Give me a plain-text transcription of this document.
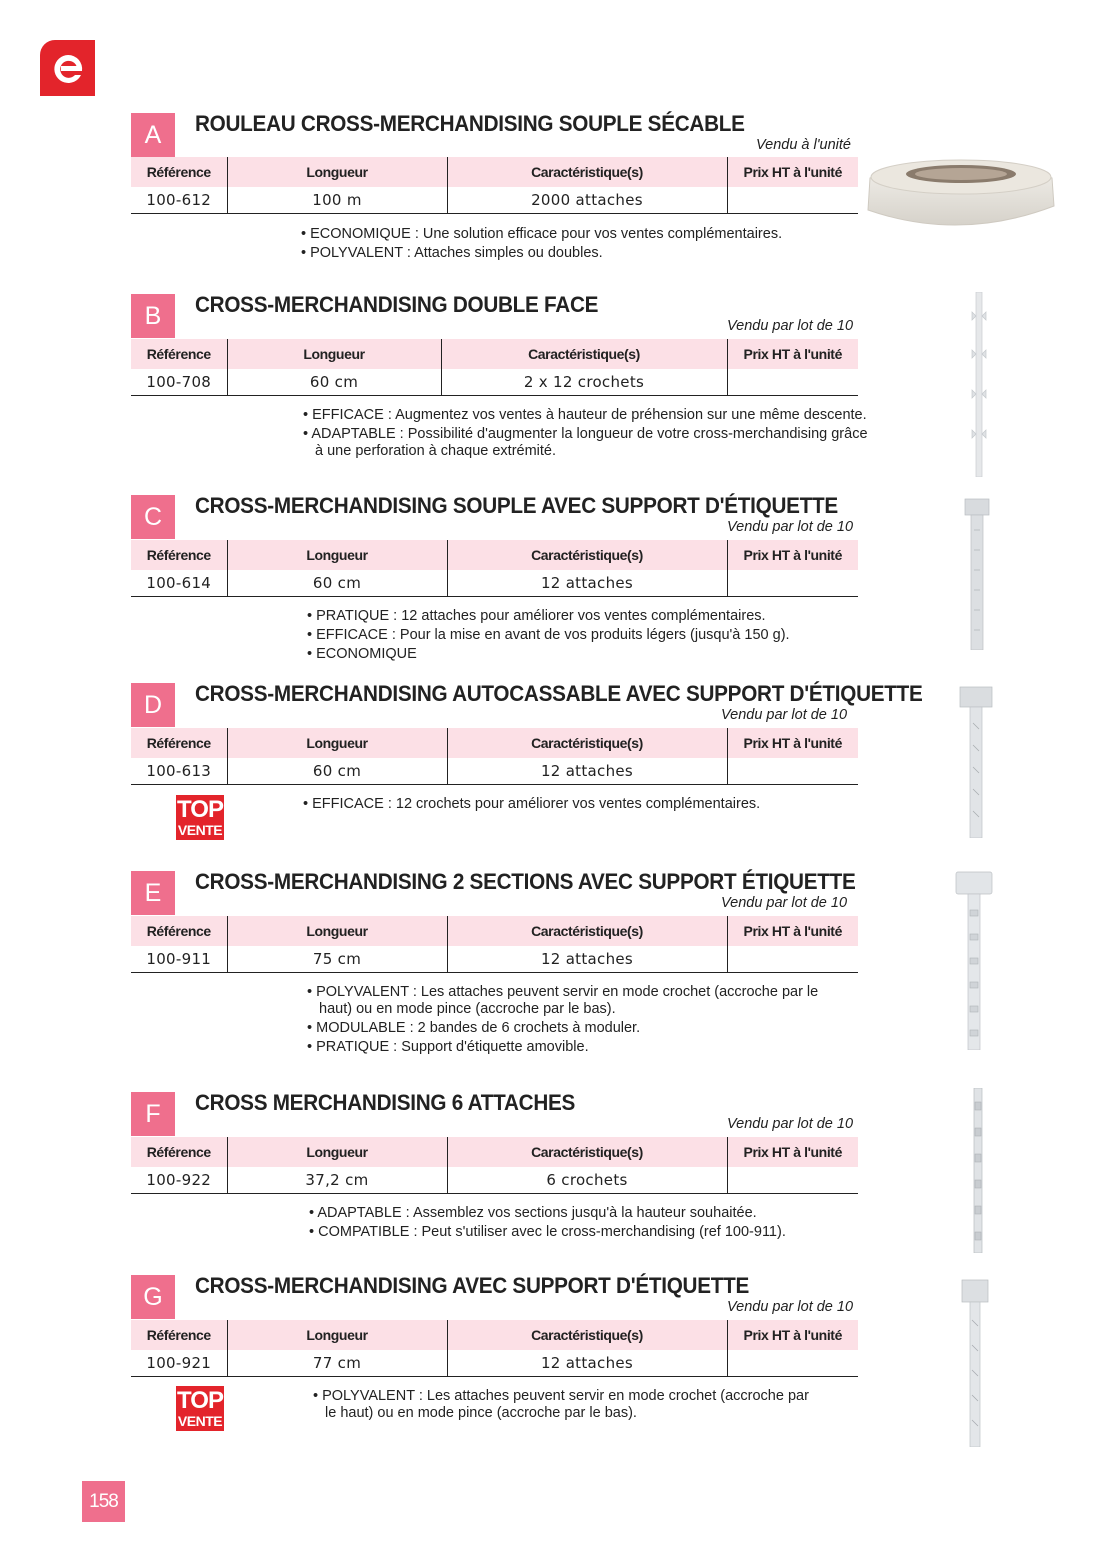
A	ROULEAU CROSS-MERCHANDISING SOUPLE SÉCABLE
Vendu à l'unité
Référence	Longueur	Caractéristique(s)	Prix HT à l'unité
100-612	100 m	2000 attaches	
• ECONOMIQUE : Une solution efficace pour vos ventes complémentaires.
• POLYVALENT : Attaches simples ou doubles.
B	CROSS-MERCHANDISING DOUBLE FACE
Vendu par lot de 10
Référence	Longueur	Caractéristique(s)	Prix HT à l'unité
100-708	60 cm	2 x 12 crochets	
• EFFICACE : Augmentez vos ventes à hauteur de préhension sur une même descente.
• ADAPTABLE : Possibilité d'augmenter la longueur de votre cross-merchandising grâce à une perforation à chaque extrémité.
C	CROSS-MERCHANDISING SOUPLE AVEC SUPPORT D'ÉTIQUETTE
Vendu par lot de 10
Référence	Longueur	Caractéristique(s)	Prix HT à l'unité
100-614	60 cm	12 attaches	
• PRATIQUE : 12 attaches pour améliorer vos ventes complémentaires.
• EFFICACE : Pour la mise en avant de vos produits légers (jusqu'à 150 g).
• ECONOMIQUE
D	CROSS-MERCHANDISING AUTOCASSABLE AVEC SUPPORT D'ÉTIQUETTE
Vendu par lot de 10
Référence	Longueur	Caractéristique(s)	Prix HT à l'unité
100-613	60 cm	12 attaches	
TOP
VENTE
• EFFICACE : 12 crochets pour améliorer vos ventes complémentaires.
E	CROSS-MERCHANDISING 2 SECTIONS AVEC SUPPORT ÉTIQUETTE
Vendu par lot de 10
Référence	Longueur	Caractéristique(s)	Prix HT à l'unité
100-911	75 cm	12 attaches	
• POLYVALENT : Les attaches peuvent servir en mode crochet (accroche par le haut) ou en mode pince (accroche par le bas).
• MODULABLE : 2 bandes de 6 crochets à moduler.
• PRATIQUE : Support d'étiquette amovible.
F	CROSS MERCHANDISING 6 ATTACHES
Vendu par lot de 10
Référence	Longueur	Caractéristique(s)	Prix HT à l'unité
100-922	37,2 cm	6 crochets	
• ADAPTABLE : Assemblez vos sections jusqu'à la hauteur souhaitée.
• COMPATIBLE : Peut s'utiliser avec le cross-merchandising (ref 100-911).
G	CROSS-MERCHANDISING AVEC SUPPORT D'ÉTIQUETTE
Vendu par lot de 10
Référence	Longueur	Caractéristique(s)	Prix HT à l'unité
100-921	77 cm	12 attaches	
TOP
VENTE
• POLYVALENT : Les attaches peuvent servir en mode crochet (accroche par le haut) ou en mode pince (accroche par le bas).
158
